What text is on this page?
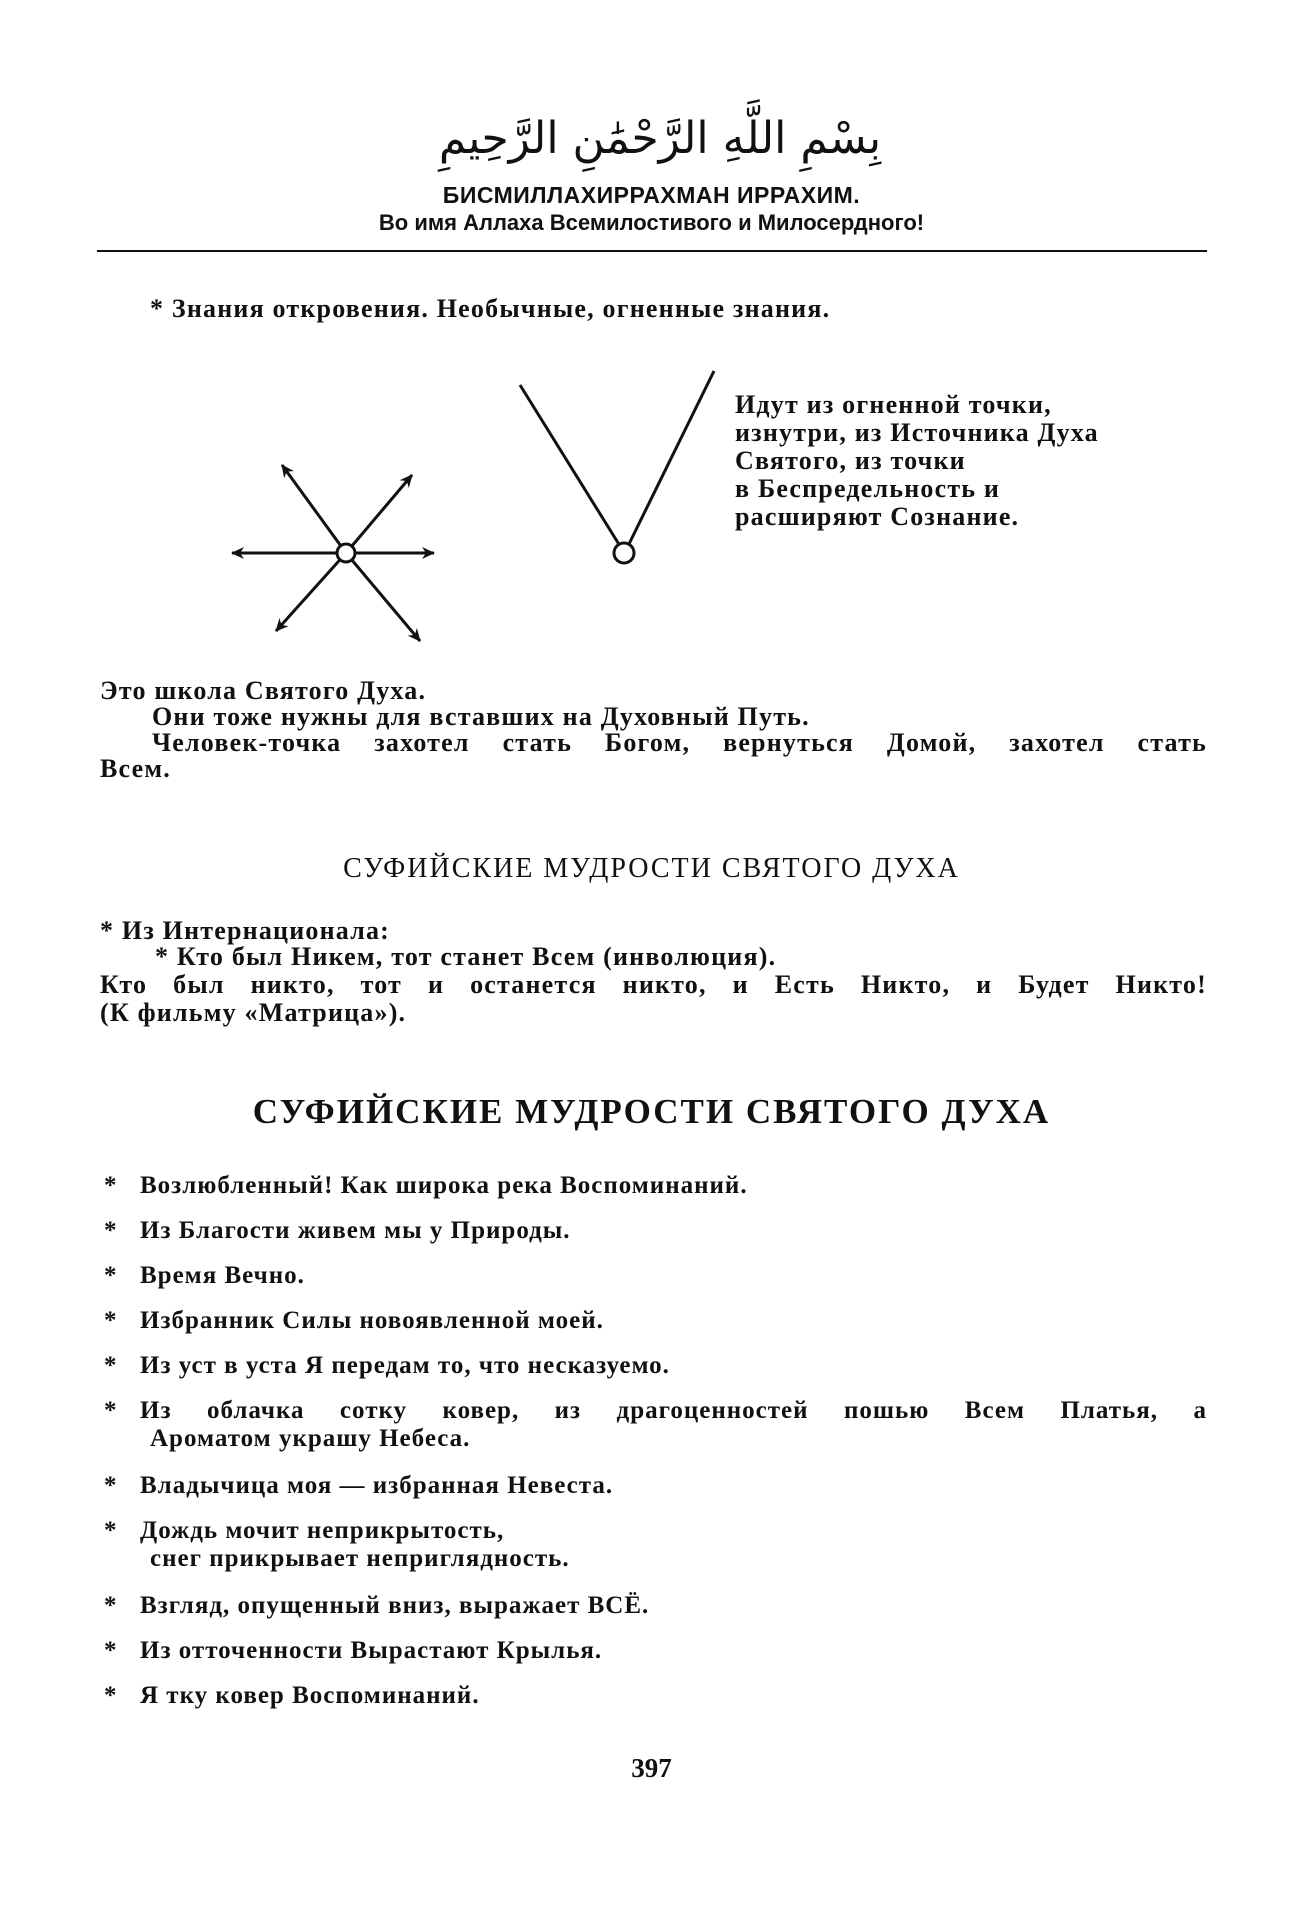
بِسْمِ اللَّهِ الرَّحْمَٰنِ الرَّحِيمِ
БИСМИЛЛАХИРРАХМАН ИРРАХИМ.
Во имя Аллаха Всемилостивого и Милосердного!
* Знания откровения. Необычные, огненные знания.
Идут из огненной точки,
изнутри, из Источника Духа
Святого, из точки
в Беспредельность и
расширяют Сознание.
Это школа Святого Духа.
Они тоже нужны для вставших на Духовный Путь.
Человек-точка захотел стать Богом, вернуться Домой, захотел стать
Всем.
СУФИЙСКИЕ МУДРОСТИ СВЯТОГО ДУХА
* Из Интернационала:
* Кто был Никем, тот станет Всем (инволюция).
Кто был никто, тот и останется никто, и Есть Никто, и Будет Никто!
(К фильму «Матрица»).
СУФИЙСКИЕ МУДРОСТИ СВЯТОГО ДУХА
* Возлюбленный! Как широка река Воспоминаний.
* Из Благости живем мы у Природы.
* Время Вечно.
* Избранник Силы новоявленной моей.
* Из уст в уста Я передам то, что несказуемо.
* Из облачка сотку ковер, из драгоценностей пошью Всем Платья, а
Ароматом украшу Небеса.
* Владычица моя — избранная Невеста.
* Дождь мочит неприкрытость,
снег прикрывает неприглядность.
* Взгляд, опущенный вниз, выражает ВСЁ.
* Из отточенности Вырастают Крылья.
* Я тку ковер Воспоминаний.
397
